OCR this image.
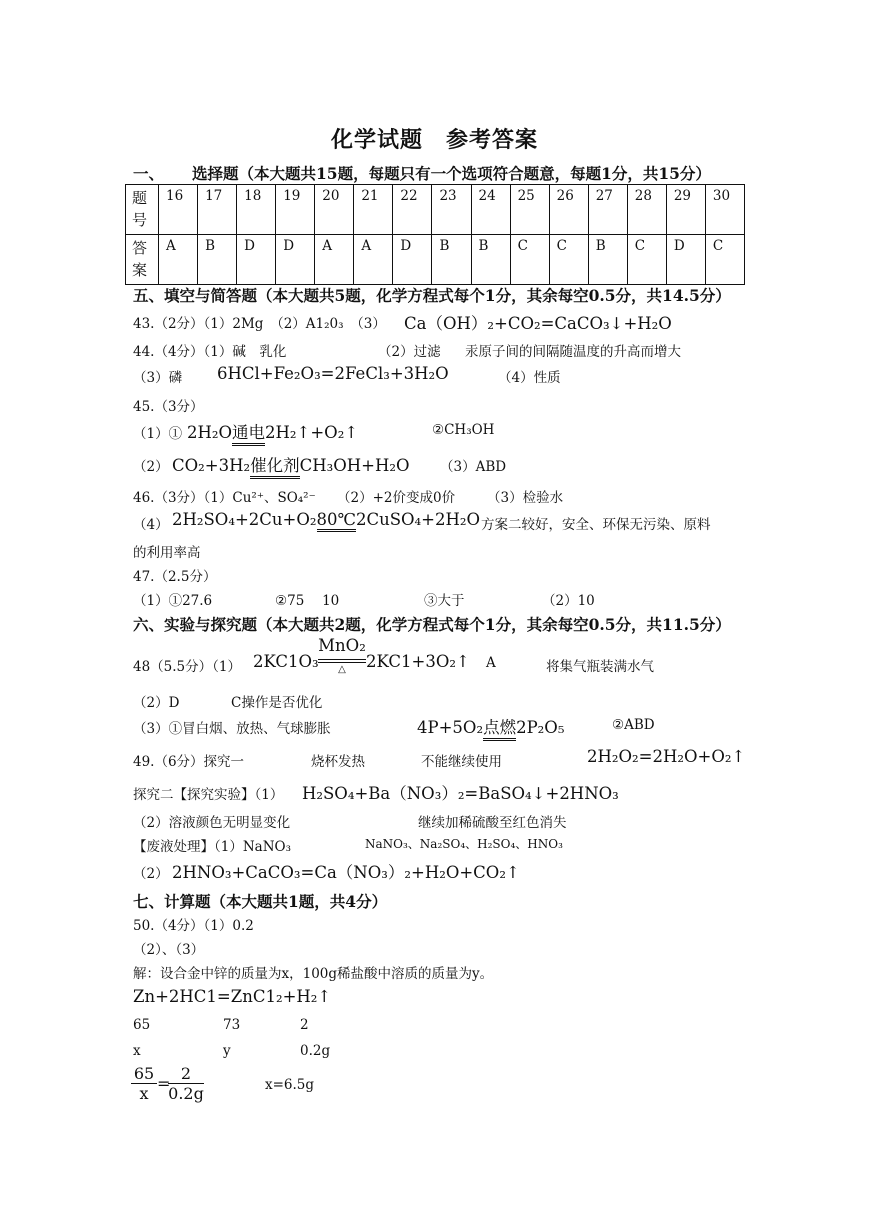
化学试题　参考答案
一、 选择题（本大题共15题，每题只有一个选项符合题意，每题1分，共15分）
题号	16	17	18	19	20	21	22	23	24	25	26	27	28	29	30
答案	A	B	D	D	A	A	D	B	B	C	C	B	C	D	C
五、填空与简答题（本大题共5题，化学方程式每个1分，其余每空0.5分，共14.5分）
43.（2分）（1）2Mg　（2）A1₂0₃　（3） Ca（OH）₂+CO₂=CaCO₃↓+H₂O
44.（4分）（1）碱　乳化	（2）过滤 汞原子间的间隔随温度的升高而增大
（3）磷 6HCl+Fe₂O₃=2FeCl₃+3H₂O	（4）性质
45.（3分）
（1）① 2H₂O通电2H₂↑+O₂↑	②CH₃OH
（2） CO₂+3H₂催化剂CH₃OH+H₂O （3）ABD
46.（3分）（1）Cu²⁺、SO₄²⁻ （2）+2价变成0价 （3）检验水
（4） 2H₂SO₄+2Cu+O₂80℃2CuSO₄+2H₂O 方案二较好，安全、环保无污染、原料
的利用率高
47.（2.5分）
（1）①27.6	②75　 10	③大于	（2）10
六、实验与探究题（本大题共2题，化学方程式每个1分，其余每空0.5分，共11.5分）
48（5.5分）（1） 2KC1O₃
MnO₂
△	2KC1+3O₂↑ A	将集气瓶装满水气
（2）D	C操作是否优化
（3）①冒白烟、放热、气球膨胀	4P+5O₂点燃2P₂O₅	②ABD
49.（6分）探究一	烧杯发热	不能继续使用	2H₂O₂=2H₂O+O₂↑
探究二【探究实验】（1） H₂SO₄+Ba（NO₃）₂=BaSO₄↓+2HNO₃
（2）溶液颜色无明显变化	继续加稀硫酸至红色消失
【废液处理】（1）NaNO₃	NaNO₃、Na₂SO₄、H₂SO₄、HNO₃
（2） 2HNO₃+CaCO₃=Ca（NO₃）₂+H₂O+CO₂↑
七、计算题（本大题共1题，共4分）
50.（4分）（1）0.2
（2）、（3）
解：设合金中锌的质量为x，100g稀盐酸中溶质的质量为y。
Zn+2HC1=ZnC1₂+H₂↑
65	73	2
x	y	0.2g
$\frac{65}{x}$ =
$\frac{2}{0.2g}$	x=6.5g
